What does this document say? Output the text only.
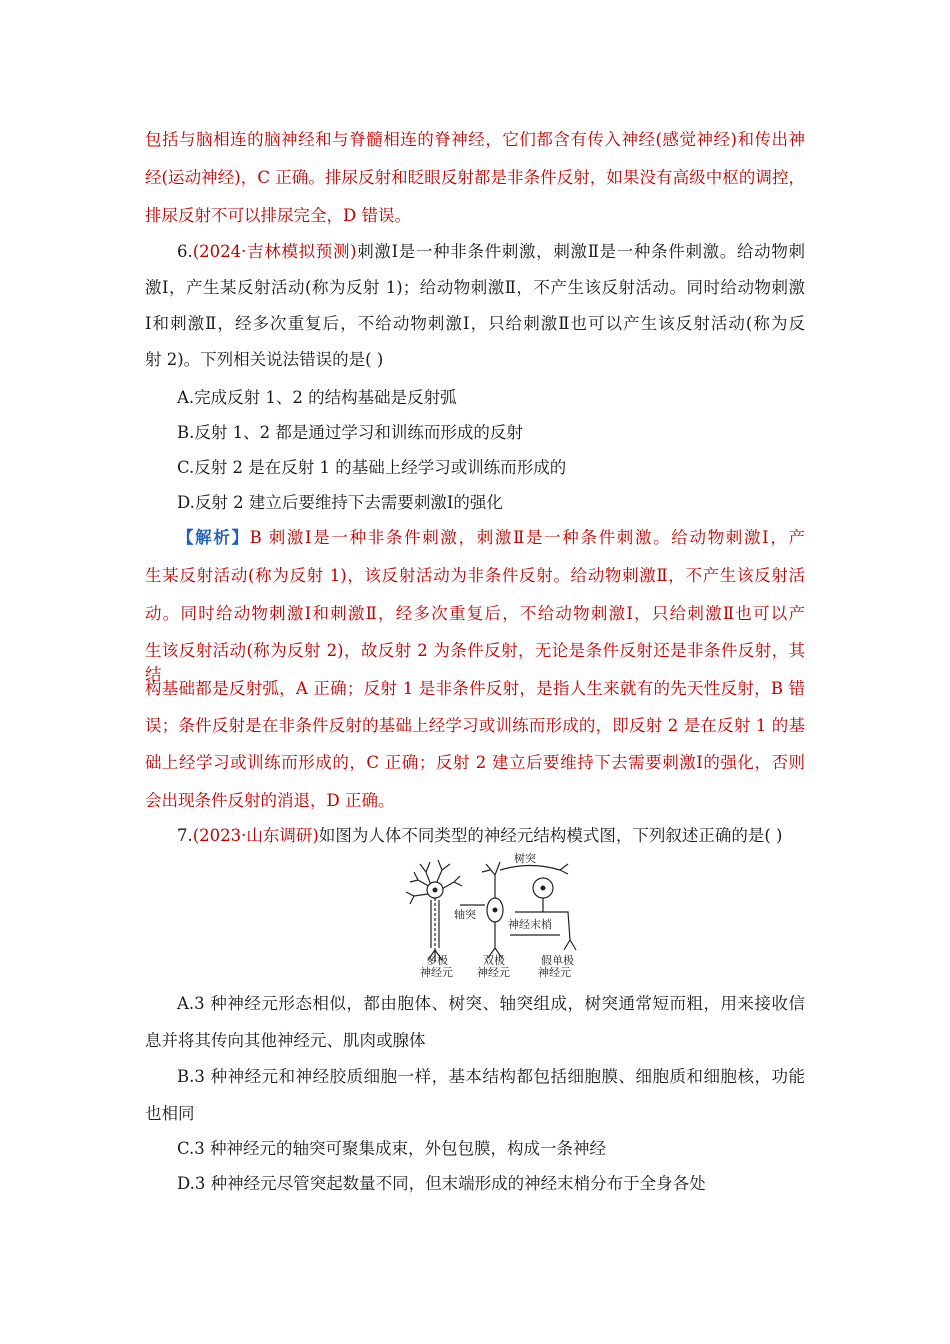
包括与脑相连的脑神经和与脊髓相连的脊神经，它们都含有传入神经(感觉神经)和传出神
经(运动神经)，C 正确。排尿反射和眨眼反射都是非条件反射，如果没有高级中枢的调控，
排尿反射不可以排尿完全，D 错误。
6.(2024·吉林模拟预测)刺激Ⅰ是一种非条件刺激，刺激Ⅱ是一种条件刺激。给动物刺
激Ⅰ，产生某反射活动(称为反射 1)；给动物刺激Ⅱ，不产生该反射活动。同时给动物刺激
Ⅰ和刺激Ⅱ，经多次重复后，不给动物刺激Ⅰ，只给刺激Ⅱ也可以产生该反射活动(称为反
射 2)。下列相关说法错误的是( )
A.完成反射 1、2 的结构基础是反射弧
B.反射 1、2 都是通过学习和训练而形成的反射
C.反射 2 是在反射 1 的基础上经学习或训练而形成的
D.反射 2 建立后要维持下去需要刺激Ⅰ的强化
【解析】B 刺激Ⅰ是一种非条件刺激，刺激Ⅱ是一种条件刺激。给动物刺激Ⅰ，产
生某反射活动(称为反射 1)，该反射活动为非条件反射。给动物刺激Ⅱ，不产生该反射活
动。同时给动物刺激Ⅰ和刺激Ⅱ，经多次重复后，不给动物刺激Ⅰ，只给刺激Ⅱ也可以产
生该反射活动(称为反射 2)，故反射 2 为条件反射，无论是条件反射还是非条件反射，其结
构基础都是反射弧，A 正确；反射 1 是非条件反射，是指人生来就有的先天性反射，B 错
误；条件反射是在非条件反射的基础上经学习或训练而形成的，即反射 2 是在反射 1 的基
础上经学习或训练而形成的，C 正确；反射 2 建立后要维持下去需要刺激Ⅰ的强化，否则
会出现条件反射的消退，D 正确。
7.(2023·山东调研)如图为人体不同类型的神经元结构模式图，下列叙述正确的是( )
树突
轴突
神经末梢
多极
神经元
双极
神经元
假单极
神经元
A.3 种神经元形态相似，都由胞体、树突、轴突组成，树突通常短而粗，用来接收信
息并将其传向其他神经元、肌肉或腺体
B.3 种神经元和神经胶质细胞一样，基本结构都包括细胞膜、细胞质和细胞核，功能
也相同
C.3 种神经元的轴突可聚集成束，外包包膜，构成一条神经
D.3 种神经元尽管突起数量不同，但末端形成的神经末梢分布于全身各处
